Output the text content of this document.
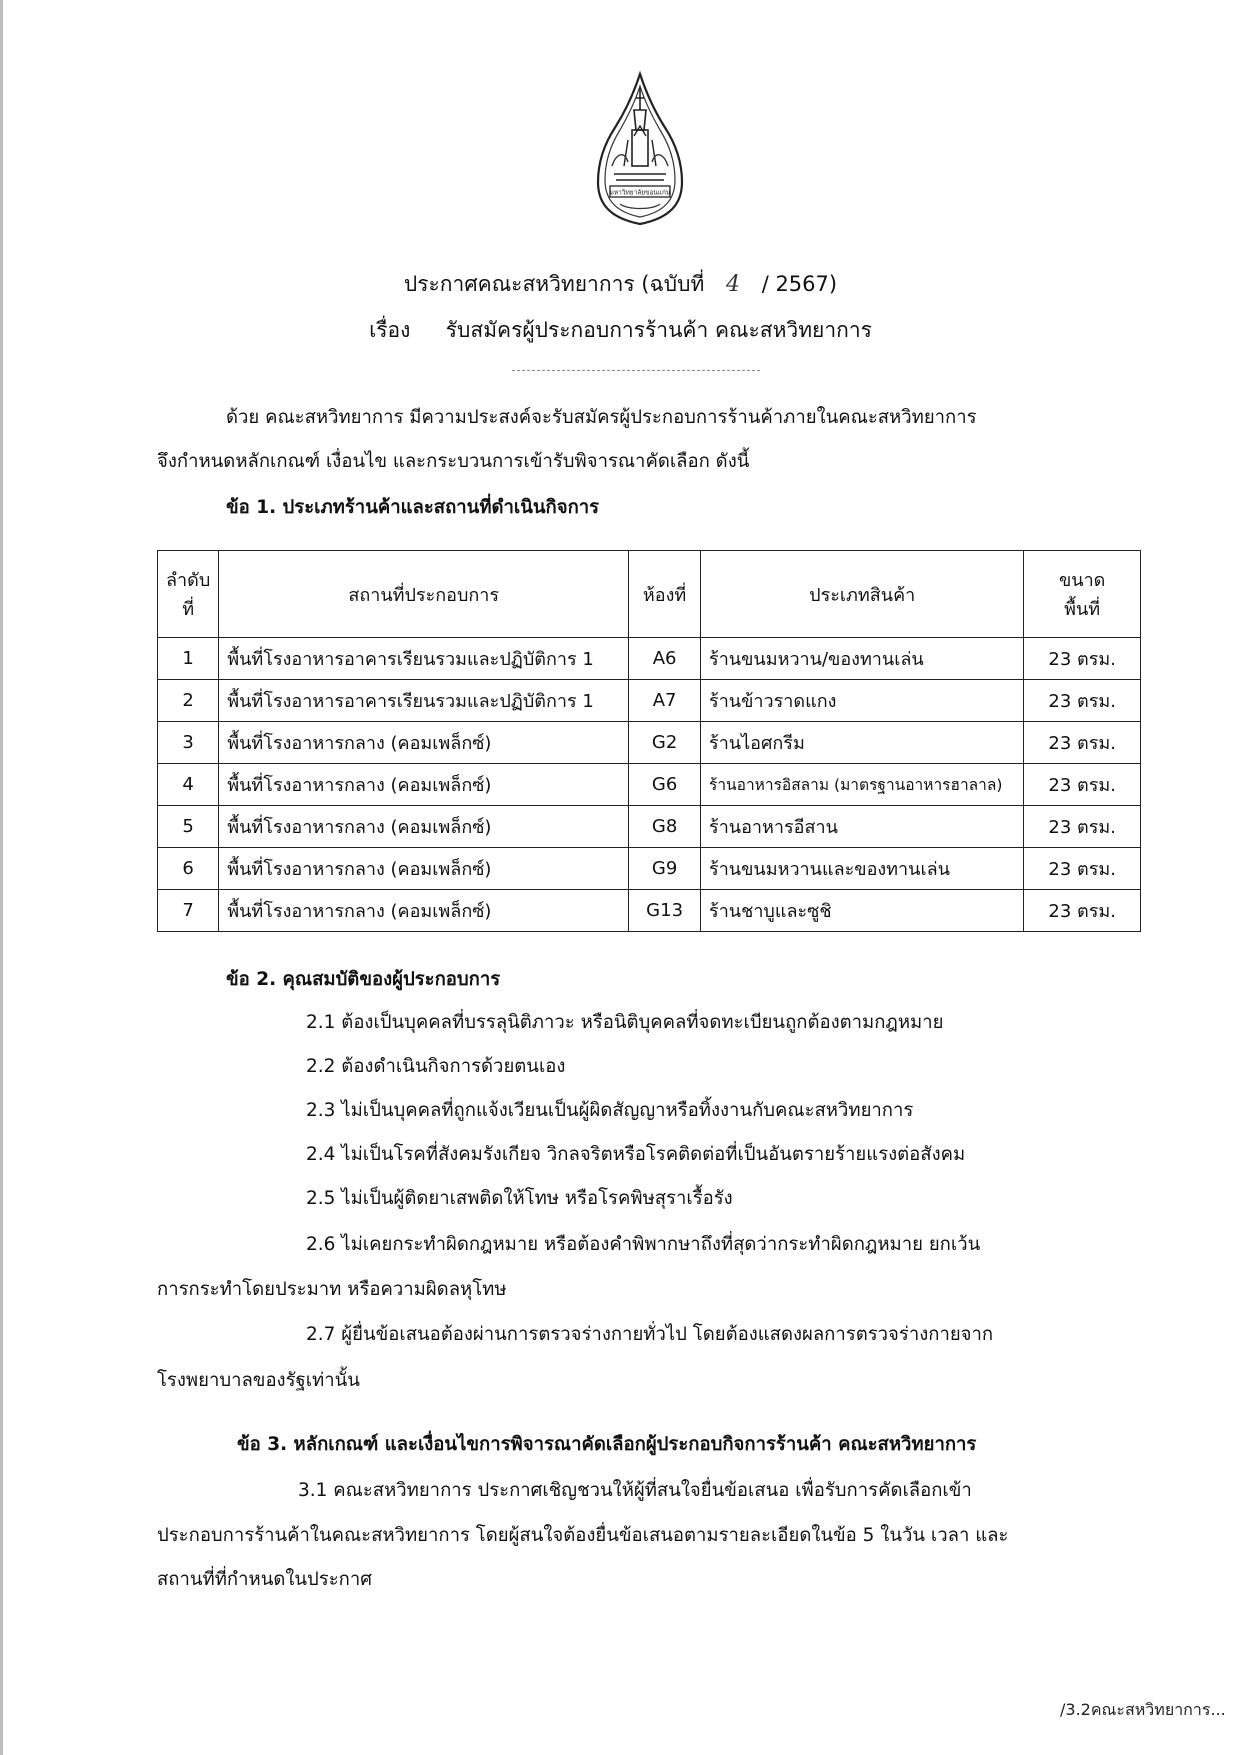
มหาวิทยาลัยขอนแก่น
ประกาศคณะสหวิทยาการ (ฉบับที่ 4 / 2567)
เรื่อง รับสมัครผู้ประกอบการร้านค้า คณะสหวิทยาการ
ด้วย คณะสหวิทยาการ มีความประสงค์จะรับสมัครผู้ประกอบการร้านค้าภายในคณะสหวิทยาการ
จึงกำหนดหลักเกณฑ์ เงื่อนไข และกระบวนการเข้ารับพิจารณาคัดเลือก ดังนี้
ข้อ 1. ประเภทร้านค้าและสถานที่ดำเนินกิจการ
ลำดับ
ที่	สถานที่ประกอบการ	ห้องที่	ประเภทสินค้า	ขนาด
พื้นที่
1	พื้นที่โรงอาหารอาคารเรียนรวมและปฏิบัติการ 1	A6	ร้านขนมหวาน/ของทานเล่น	23 ตรม.
2	พื้นที่โรงอาหารอาคารเรียนรวมและปฏิบัติการ 1	A7	ร้านข้าวราดแกง	23 ตรม.
3	พื้นที่โรงอาหารกลาง (คอมเพล็กซ์)	G2	ร้านไอศกรีม	23 ตรม.
4	พื้นที่โรงอาหารกลาง (คอมเพล็กซ์)	G6	ร้านอาหารอิสลาม (มาตรฐานอาหารฮาลาล)	23 ตรม.
5	พื้นที่โรงอาหารกลาง (คอมเพล็กซ์)	G8	ร้านอาหารอีสาน	23 ตรม.
6	พื้นที่โรงอาหารกลาง (คอมเพล็กซ์)	G9	ร้านขนมหวานและของทานเล่น	23 ตรม.
7	พื้นที่โรงอาหารกลาง (คอมเพล็กซ์)	G13	ร้านชาบูและซูชิ	23 ตรม.
ข้อ 2. คุณสมบัติของผู้ประกอบการ
2.1 ต้องเป็นบุคคลที่บรรลุนิติภาวะ หรือนิติบุคคลที่จดทะเบียนถูกต้องตามกฎหมาย
2.2 ต้องดำเนินกิจการด้วยตนเอง
2.3 ไม่เป็นบุคคลที่ถูกแจ้งเวียนเป็นผู้ผิดสัญญาหรือทิ้งงานกับคณะสหวิทยาการ
2.4 ไม่เป็นโรคที่สังคมรังเกียจ วิกลจริตหรือโรคติดต่อที่เป็นอันตรายร้ายแรงต่อสังคม
2.5 ไม่เป็นผู้ติดยาเสพติดให้โทษ หรือโรคพิษสุราเรื้อรัง
2.6 ไม่เคยกระทำผิดกฎหมาย หรือต้องคำพิพากษาถึงที่สุดว่ากระทำผิดกฎหมาย ยกเว้น
การกระทำโดยประมาท หรือความผิดลหุโทษ
2.7 ผู้ยื่นข้อเสนอต้องผ่านการตรวจร่างกายทั่วไป โดยต้องแสดงผลการตรวจร่างกายจาก
โรงพยาบาลของรัฐเท่านั้น
ข้อ 3. หลักเกณฑ์ และเงื่อนไขการพิจารณาคัดเลือกผู้ประกอบกิจการร้านค้า คณะสหวิทยาการ
3.1 คณะสหวิทยาการ ประกาศเชิญชวนให้ผู้ที่สนใจยื่นข้อเสนอ เพื่อรับการคัดเลือกเข้า
ประกอบการร้านค้าในคณะสหวิทยาการ โดยผู้สนใจต้องยื่นข้อเสนอตามรายละเอียดในข้อ 5 ในวัน เวลา และ
สถานที่ที่กำหนดในประกาศ
/3.2คณะสหวิทยาการ...
